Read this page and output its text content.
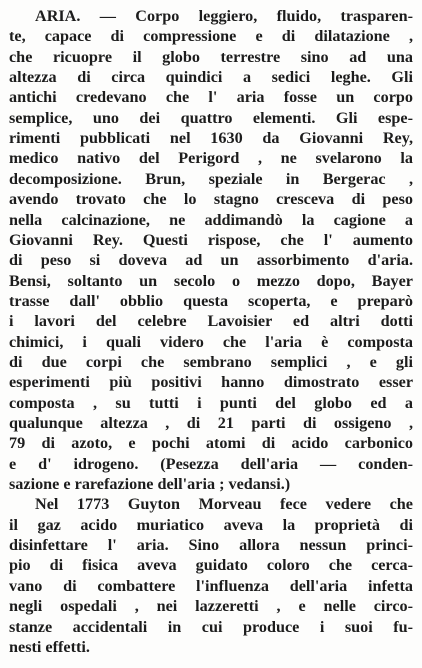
ARIA. — Corpo leggiero, fluido, trasparen-
te, capace di compressione e di dilatazione ,
che ricuopre il globo terrestre sino ad una
altezza di circa quindici a sedici leghe. Gli
antichi credevano che l' aria fosse un corpo
semplice, uno dei quattro elementi. Gli espe-
rimenti pubblicati nel 1630 da Giovanni Rey,
medico nativo del Perigord , ne svelarono la
decomposizione. Brun, speziale in Bergerac ,
avendo trovato che lo stagno cresceva di peso
nella calcinazione, ne addimandò la cagione a
Giovanni Rey. Questi rispose, che l' aumento
di peso si doveva ad un assorbimento d'aria.
Bensi, soltanto un secolo o mezzo dopo, Bayer
trasse dall' obblio questa scoperta, e preparò
i lavori del celebre Lavoisier ed altri dotti
chimici, i quali videro che l'aria è composta
di due corpi che sembrano semplici , e gli
esperimenti più positivi hanno dimostrato esser
composta , su tutti i punti del globo ed a
qualunque altezza , di 21 parti di ossigeno ,
79 di azoto, e pochi atomi di acido carbonico
e d' idrogeno. (Pesezza dell'aria — conden-
sazione e rarefazione dell'aria ; vedansi.)
Nel 1773 Guyton Morveau fece vedere che
il gaz acido muriatico aveva la proprietà di
disinfettare l' aria. Sino allora nessun princi-
pio di fisica aveva guidato coloro che cerca-
vano di combattere l'influenza dell'aria infetta
negli ospedali , nei lazzeretti , e nelle circo-
stanze accidentali in cui produce i suoi fu-
nesti effetti.
